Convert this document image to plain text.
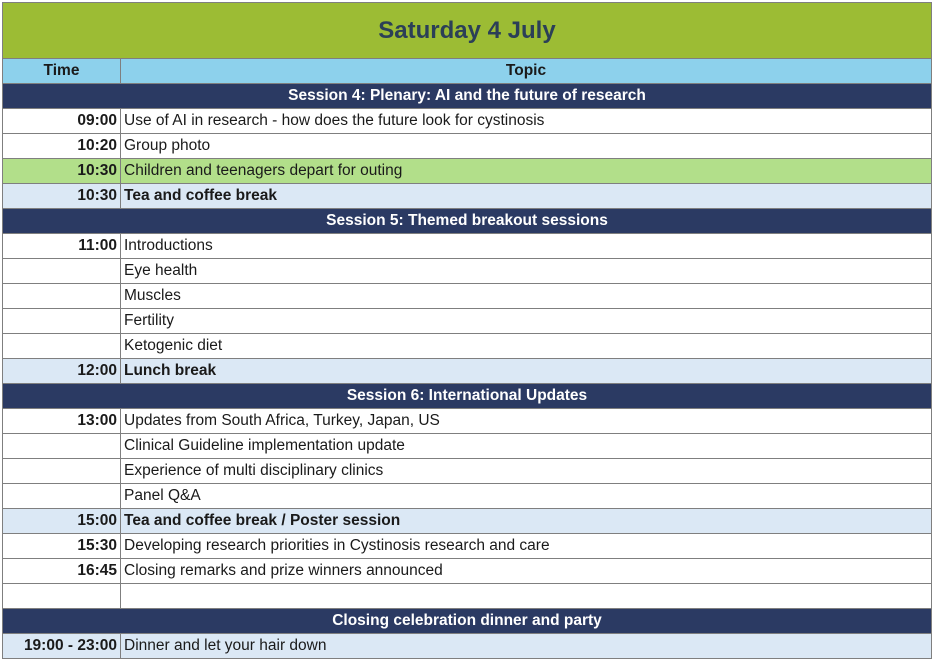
Saturday 4 July
Time	Topic
Session 4: Plenary: AI and the future of research
09:00 Use of AI in research - how does the future look for cystinosis
10:20 Group photo
10:30 Children and teenagers depart for outing
10:30 Tea and coffee break
Session 5: Themed breakout sessions
11:00 Introductions
Eye health
Muscles
Fertility
Ketogenic diet
12:00 Lunch break
Session 6: International Updates
13:00 Updates from South Africa, Turkey, Japan, US
Clinical Guideline implementation update
Experience of multi disciplinary clinics
Panel Q&A
15:00 Tea and coffee break / Poster session
15:30 Developing research priorities in Cystinosis research and care
16:45 Closing remarks and prize winners announced
Closing celebration dinner and party
19:00 - 23:00 Dinner and let your hair down
